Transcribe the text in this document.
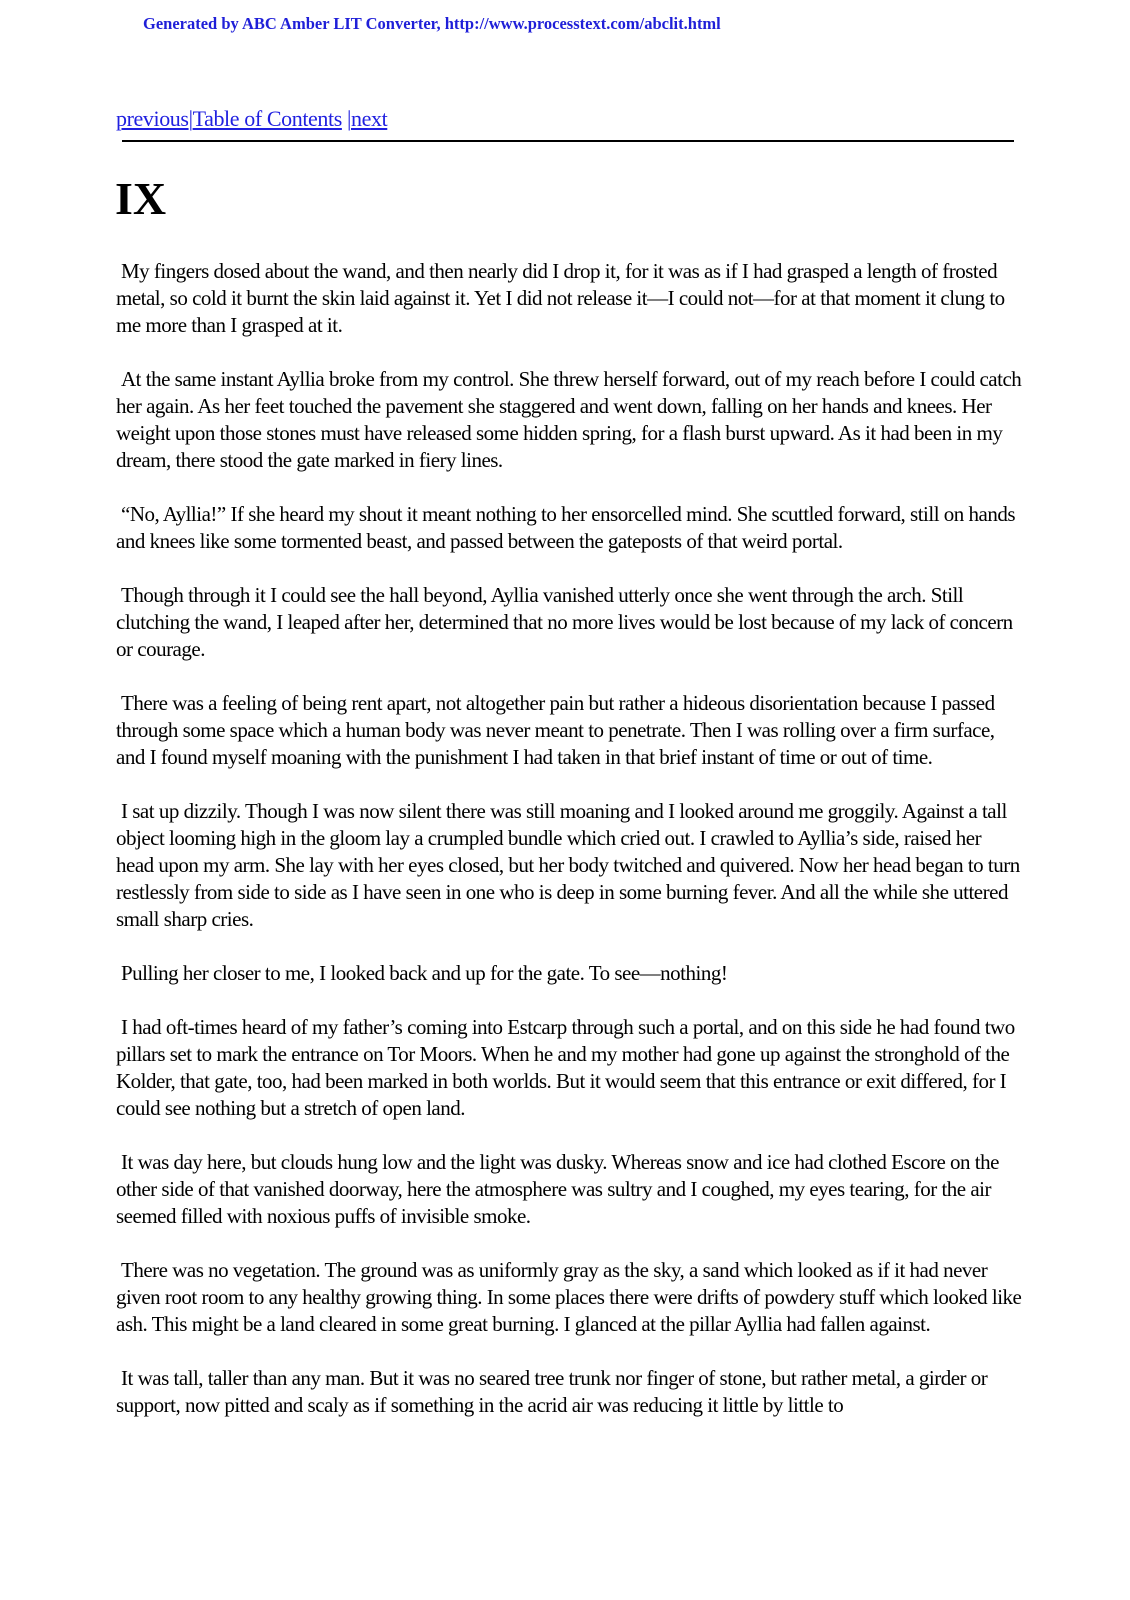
Generated by ABC Amber LIT Converter, http://www.processtext.com/abclit.html
previous|Table of Contents |next
IX

My fingers dosed about the wand, and then nearly did I drop it, for it was as if I had grasped a length of frosted metal, so cold it burnt the skin laid against it. Yet I did not release it—I could not—for at that moment it clung to me more than I grasped at it.

At the same instant Ayllia broke from my control. She threw herself forward, out of my reach before I could catch her again. As her feet touched the pavement she staggered and went down, falling on her hands and knees. Her weight upon those stones must have released some hidden spring, for a flash burst upward. As it had been in my dream, there stood the gate marked in fiery lines.

“No, Ayllia!” If she heard my shout it meant nothing to her ensorcelled mind. She scuttled forward, still on hands and knees like some tormented beast, and passed between the gateposts of that weird portal.

Though through it I could see the hall beyond, Ayllia vanished utterly once she went through the arch. Still clutching the wand, I leaped after her, determined that no more lives would be lost because of my lack of concern or courage.

There was a feeling of being rent apart, not altogether pain but rather a hideous disorientation because I passed through some space which a human body was never meant to penetrate. Then I was rolling over a firm surface, and I found myself moaning with the punishment I had taken in that brief instant of time or out of time.

I sat up dizzily. Though I was now silent there was still moaning and I looked around me groggily. Against a tall object looming high in the gloom lay a crumpled bundle which cried out. I crawled to Ayllia’s side, raised her head upon my arm. She lay with her eyes closed, but her body twitched and quivered. Now her head began to turn restlessly from side to side as I have seen in one who is deep in some burning fever. And all the while she uttered small sharp cries.

Pulling her closer to me, I looked back and up for the gate. To see—nothing!

I had oft-times heard of my father’s coming into Estcarp through such a portal, and on this side he had found two pillars set to mark the entrance on Tor Moors. When he and my mother had gone up against the stronghold of the Kolder, that gate, too, had been marked in both worlds. But it would seem that this entrance or exit differed, for I could see nothing but a stretch of open land.

It was day here, but clouds hung low and the light was dusky. Whereas snow and ice had clothed Escore on the other side of that vanished doorway, here the atmosphere was sultry and I coughed, my eyes tearing, for the air seemed filled with noxious puffs of invisible smoke.

There was no vegetation. The ground was as uniformly gray as the sky, a sand which looked as if it had never given root room to any healthy growing thing. In some places there were drifts of powdery stuff which looked like ash. This might be a land cleared in some great burning. I glanced at the pillar Ayllia had fallen against.

It was tall, taller than any man. But it was no seared tree trunk nor finger of stone, but rather metal, a girder or support, now pitted and scaly as if something in the acrid air was reducing it little by little to
